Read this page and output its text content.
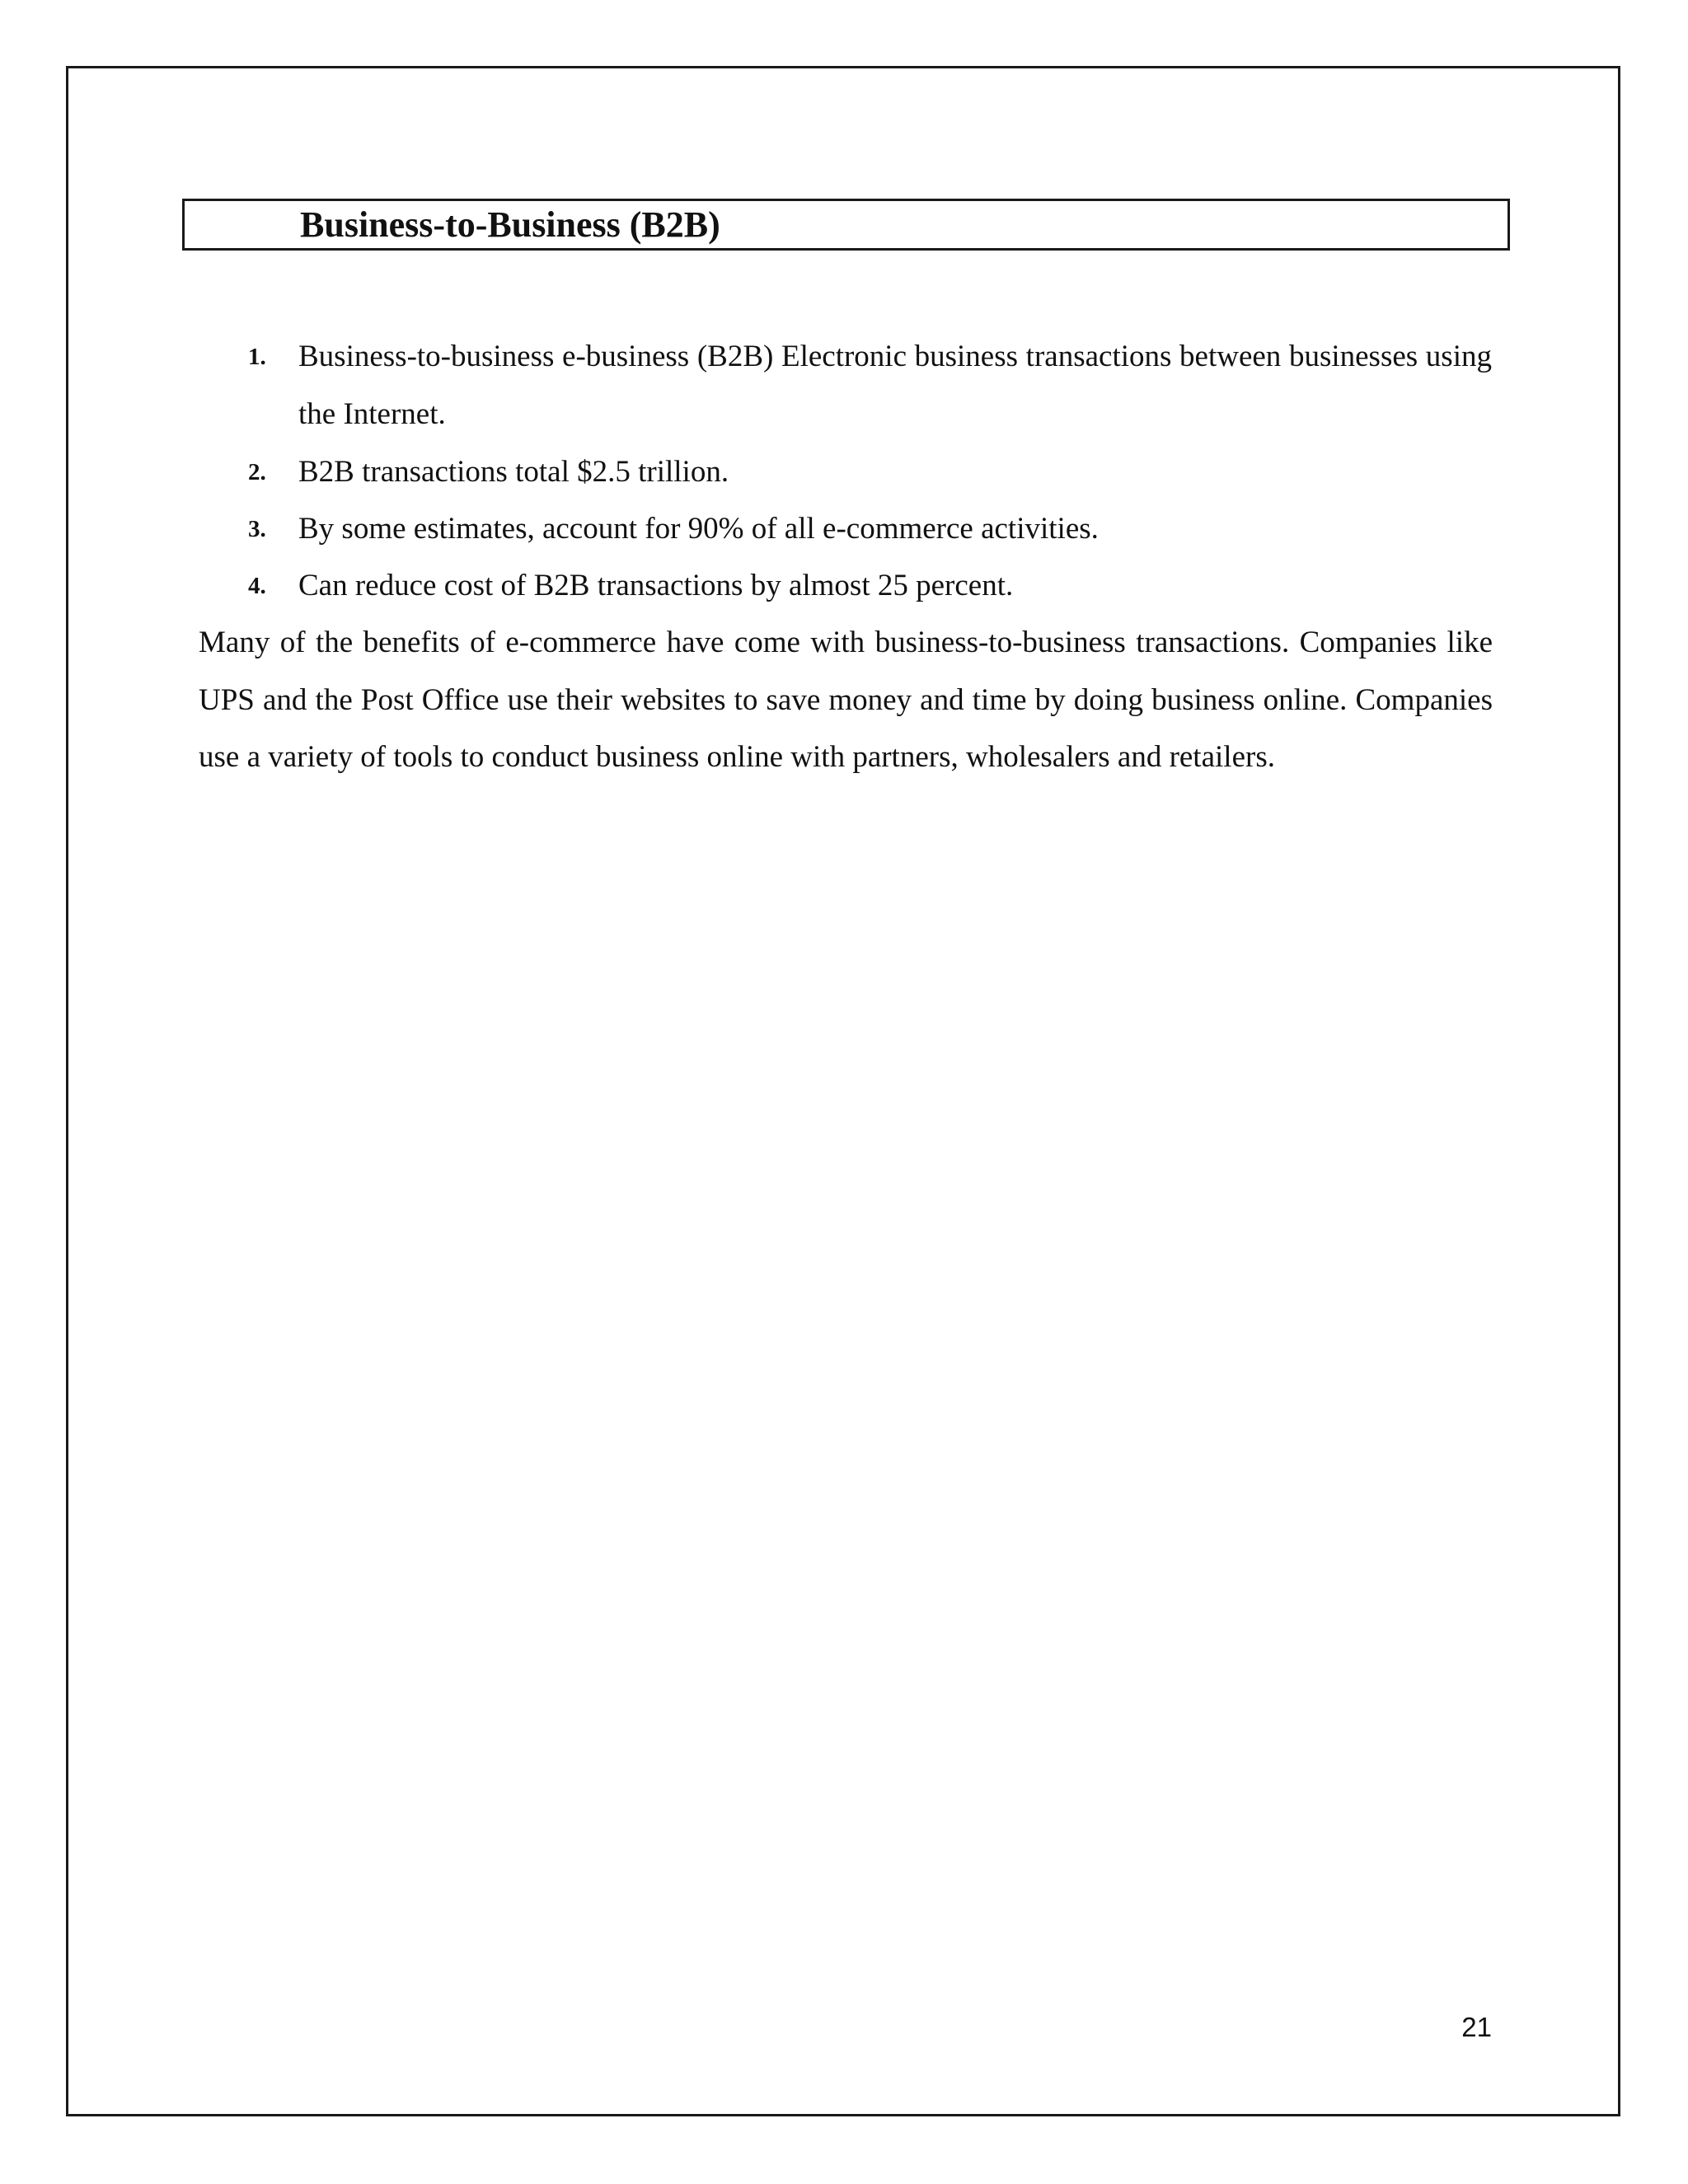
Business-to-Business (B2B)
1. Business-to-business e-business (B2B) Electronic business transactions between businesses using the Internet.
2. B2B transactions total $2.5 trillion.
3. By some estimates, account for 90% of all e-commerce activities.
4. Can reduce cost of B2B transactions by almost 25 percent.

Many of the benefits of e-commerce have come with business-to-business transactions. Companies like UPS and the Post Office use their websites to save money and time by doing business online. Companies use a variety of tools to conduct business online with partners, wholesalers and retailers.

21
